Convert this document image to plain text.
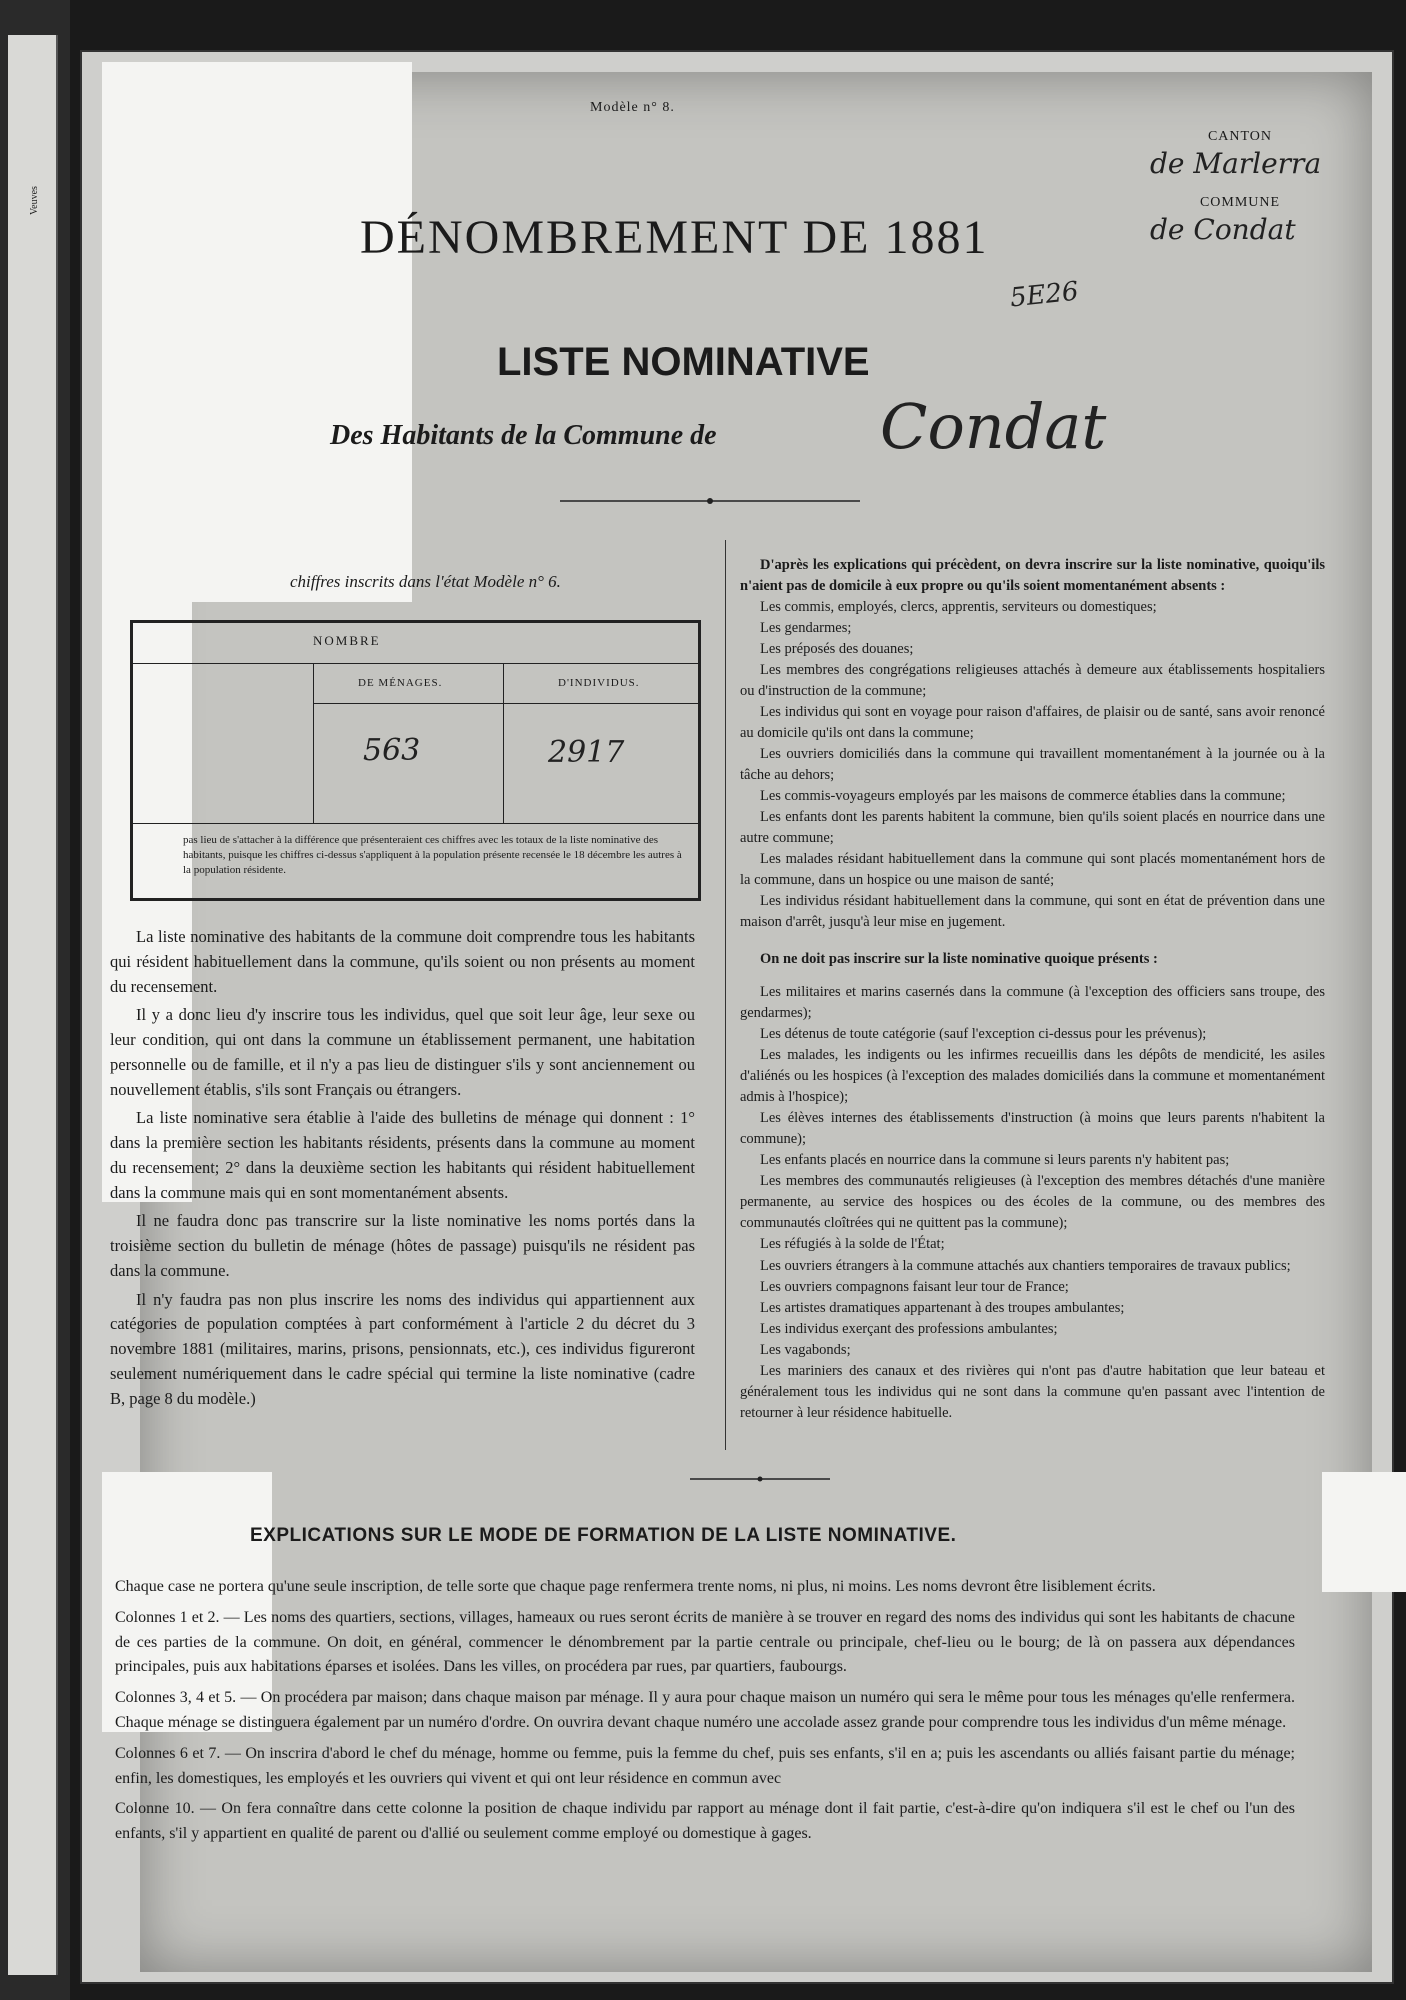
Veuves
Modèle n° 8.
DÉNOMBREMENT DE 1881
LISTE NOMINATIVE
Des Habitants de la Commune de	Condat
5E26
CANTON
de Marlerra
COMMUNE
de Condat
chiffres inscrits dans l'état Modèle n° 6.
NOMBRE
DE MÉNAGES.	D'INDIVIDUS.
563	2917
pas lieu de s'attacher à la différence que présenteraient ces chiffres avec les totaux de la liste nominative des habitants, puisque les chiffres ci-dessus s'appliquent à la population présente recensée le 18 décembre les autres à la population résidente.

La liste nominative des habitants de la commune doit comprendre tous les habitants qui résident habituellement dans la commune, qu'ils soient ou non présents au moment du recensement.

Il y a donc lieu d'y inscrire tous les individus, quel que soit leur âge, leur sexe ou leur condition, qui ont dans la commune un établissement permanent, une habitation personnelle ou de famille, et il n'y a pas lieu de distinguer s'ils y sont anciennement ou nouvellement établis, s'ils sont Français ou étrangers.

La liste nominative sera établie à l'aide des bulletins de ménage qui donnent : 1° dans la première section les habitants résidents, présents dans la commune au moment du recensement; 2° dans la deuxième section les habitants qui résident habituellement dans la commune mais qui en sont momentanément absents.

Il ne faudra donc pas transcrire sur la liste nominative les noms portés dans la troisième section du bulletin de ménage (hôtes de passage) puisqu'ils ne résident pas dans la commune.

Il n'y faudra pas non plus inscrire les noms des individus qui appartiennent aux catégories de population comptées à part conformément à l'article 2 du décret du 3 novembre 1881 (militaires, marins, prisons, pensionnats, etc.), ces individus figureront seulement numériquement dans le cadre spécial qui termine la liste nominative (cadre B, page 8 du modèle.)

D'après les explications qui précèdent, on devra inscrire sur la liste nominative, quoiqu'ils n'aient pas de domicile à eux propre ou qu'ils soient momentanément absents :

Les commis, employés, clercs, apprentis, serviteurs ou domestiques;

Les gendarmes;

Les préposés des douanes;

Les membres des congrégations religieuses attachés à demeure aux établissements hospitaliers ou d'instruction de la commune;

Les individus qui sont en voyage pour raison d'affaires, de plaisir ou de santé, sans avoir renoncé au domicile qu'ils ont dans la commune;

Les ouvriers domiciliés dans la commune qui travaillent momentanément à la journée ou à la tâche au dehors;

Les commis-voyageurs employés par les maisons de commerce établies dans la commune;

Les enfants dont les parents habitent la commune, bien qu'ils soient placés en nourrice dans une autre commune;

Les malades résidant habituellement dans la commune qui sont placés momentanément hors de la commune, dans un hospice ou une maison de santé;

Les individus résidant habituellement dans la commune, qui sont en état de prévention dans une maison d'arrêt, jusqu'à leur mise en jugement.

On ne doit pas inscrire sur la liste nominative quoique présents :

Les militaires et marins casernés dans la commune (à l'exception des officiers sans troupe, des gendarmes);

Les détenus de toute catégorie (sauf l'exception ci-dessus pour les prévenus);

Les malades, les indigents ou les infirmes recueillis dans les dépôts de mendicité, les asiles d'aliénés ou les hospices (à l'exception des malades domiciliés dans la commune et momentanément admis à l'hospice);

Les élèves internes des établissements d'instruction (à moins que leurs parents n'habitent la commune);

Les enfants placés en nourrice dans la commune si leurs parents n'y habitent pas;

Les membres des communautés religieuses (à l'exception des membres détachés d'une manière permanente, au service des hospices ou des écoles de la commune, ou des membres des communautés cloîtrées qui ne quittent pas la commune);

Les réfugiés à la solde de l'État;

Les ouvriers étrangers à la commune attachés aux chantiers temporaires de travaux publics;

Les ouvriers compagnons faisant leur tour de France;

Les artistes dramatiques appartenant à des troupes ambulantes;

Les individus exerçant des professions ambulantes;

Les vagabonds;

Les mariniers des canaux et des rivières qui n'ont pas d'autre habitation que leur bateau et généralement tous les individus qui ne sont dans la commune qu'en passant avec l'intention de retourner à leur résidence habituelle.

EXPLICATIONS SUR LE MODE DE FORMATION DE LA LISTE NOMINATIVE.

Chaque case ne portera qu'une seule inscription, de telle sorte que chaque page renfermera trente noms, ni plus, ni moins. Les noms devront être lisiblement écrits.

Colonnes 1 et 2. — Les noms des quartiers, sections, villages, hameaux ou rues seront écrits de manière à se trouver en regard des noms des individus qui sont les habitants de chacune de ces parties de la commune. On doit, en général, commencer le dénombrement par la partie centrale ou principale, chef-lieu ou le bourg; de là on passera aux dépendances principales, puis aux habitations éparses et isolées. Dans les villes, on procédera par rues, par quartiers, faubourgs.

Colonnes 3, 4 et 5. — On procédera par maison; dans chaque maison par ménage. Il y aura pour chaque maison un numéro qui sera le même pour tous les ménages qu'elle renfermera. Chaque ménage se distinguera également par un numéro d'ordre. On ouvrira devant chaque numéro une accolade assez grande pour comprendre tous les individus d'un même ménage.

Colonnes 6 et 7. — On inscrira d'abord le chef du ménage, homme ou femme, puis la femme du chef, puis ses enfants, s'il en a; puis les ascendants ou alliés faisant partie du ménage; enfin, les domestiques, les employés et les ouvriers qui vivent et qui ont leur résidence en commun avec

Colonne 10. — On fera connaître dans cette colonne la position de chaque individu par rapport au ménage dont il fait partie, c'est-à-dire qu'on indiquera s'il est le chef ou l'un des enfants, s'il y appartient en qualité de parent ou d'allié ou seulement comme employé ou domestique à gages.
